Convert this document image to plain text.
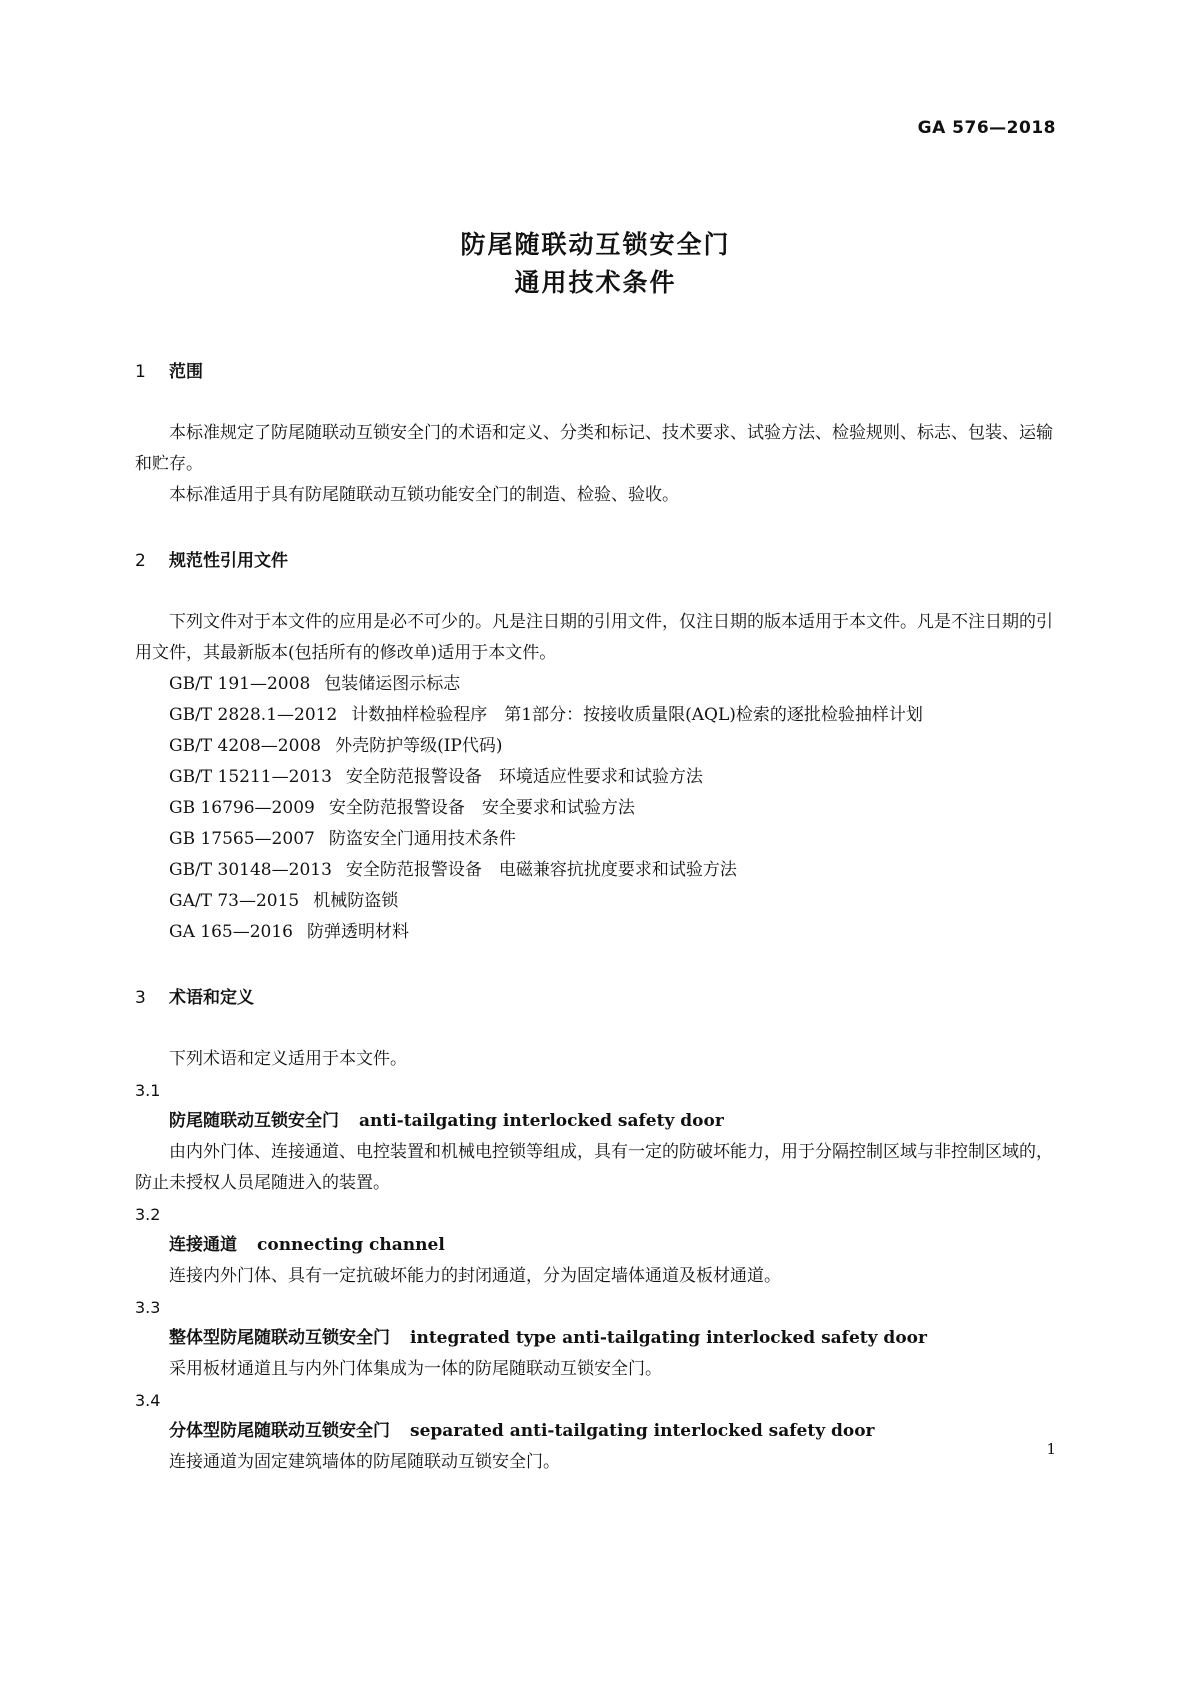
GA 576—2018
防尾随联动互锁安全门
通用技术条件
1 范围
本标准规定了防尾随联动互锁安全门的术语和定义、分类和标记、技术要求、试验方法、检验规则、标志、包装、运输和贮存。
本标准适用于具有防尾随联动互锁功能安全门的制造、检验、验收。
2 规范性引用文件
下列文件对于本文件的应用是必不可少的。凡是注日期的引用文件，仅注日期的版本适用于本文件。凡是不注日期的引用文件，其最新版本(包括所有的修改单)适用于本文件。
GB/T 191—2008 包装储运图示标志
GB/T 2828.1—2012 计数抽样检验程序　第1部分：按接收质量限(AQL)检索的逐批检验抽样计划
GB/T 4208—2008 外壳防护等级(IP代码)
GB/T 15211—2013 安全防范报警设备　环境适应性要求和试验方法
GB 16796—2009 安全防范报警设备　安全要求和试验方法
GB 17565—2007 防盗安全门通用技术条件
GB/T 30148—2013 安全防范报警设备　电磁兼容抗扰度要求和试验方法
GA/T 73—2015 机械防盗锁
GA 165—2016 防弹透明材料
3 术语和定义
下列术语和定义适用于本文件。
3.1
防尾随联动互锁安全门 anti-tailgating interlocked safety door
由内外门体、连接通道、电控装置和机械电控锁等组成，具有一定的防破坏能力，用于分隔控制区域与非控制区域的，防止未授权人员尾随进入的装置。
3.2
连接通道 connecting channel
连接内外门体、具有一定抗破坏能力的封闭通道，分为固定墙体通道及板材通道。
3.3
整体型防尾随联动互锁安全门 integrated type anti-tailgating interlocked safety door
采用板材通道且与内外门体集成为一体的防尾随联动互锁安全门。
3.4
分体型防尾随联动互锁安全门 separated anti-tailgating interlocked safety door
连接通道为固定建筑墙体的防尾随联动互锁安全门。
1
